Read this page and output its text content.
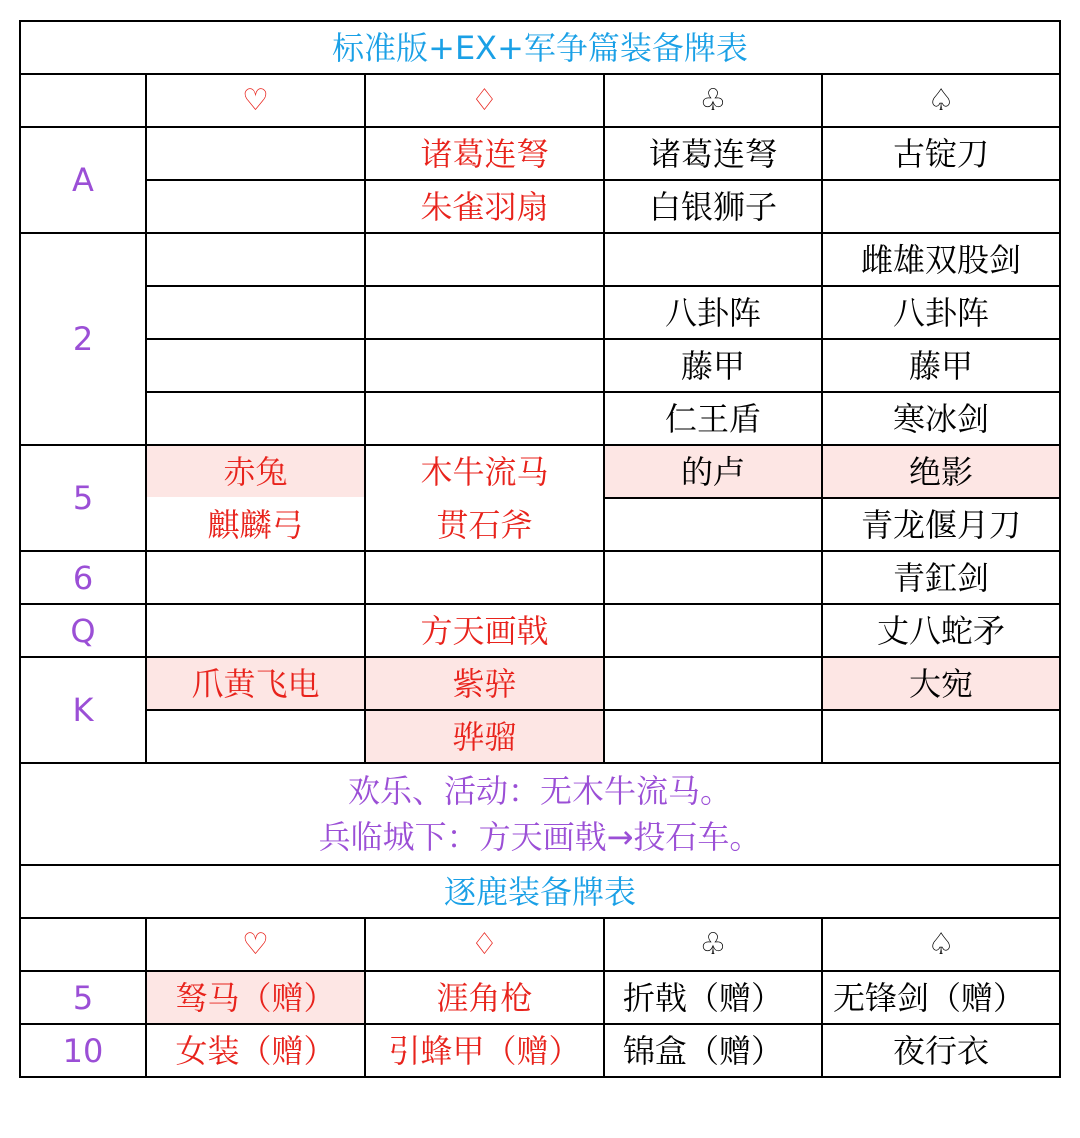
标准版+EX+军争篇装备牌表				
	♡	♢	♧	♤
A		诸葛连弩	诸葛连弩	古锭刀
		朱雀羽扇	白银狮子	
2				雌雄双股剑
			八卦阵	八卦阵
			藤甲	藤甲
			仁王盾	寒冰剑
5	赤兔	木牛流马	的卢	绝影
	麒麟弓	贯石斧		青龙偃月刀
6				青釭剑
Q		方天画戟		丈八蛇矛
K	爪黄飞电	紫骍		大宛
		骅骝		

欢乐、活动：无木牛流马。
兵临城下：方天画戟→投石车。				

逐鹿装备牌表				
	♡	♢	♧	♤
5	驽马（赠）	涯角枪	折戟（赠）	无锋剑（赠）
10	女装（赠）	引蜂甲（赠）	锦盒（赠）	夜行衣
